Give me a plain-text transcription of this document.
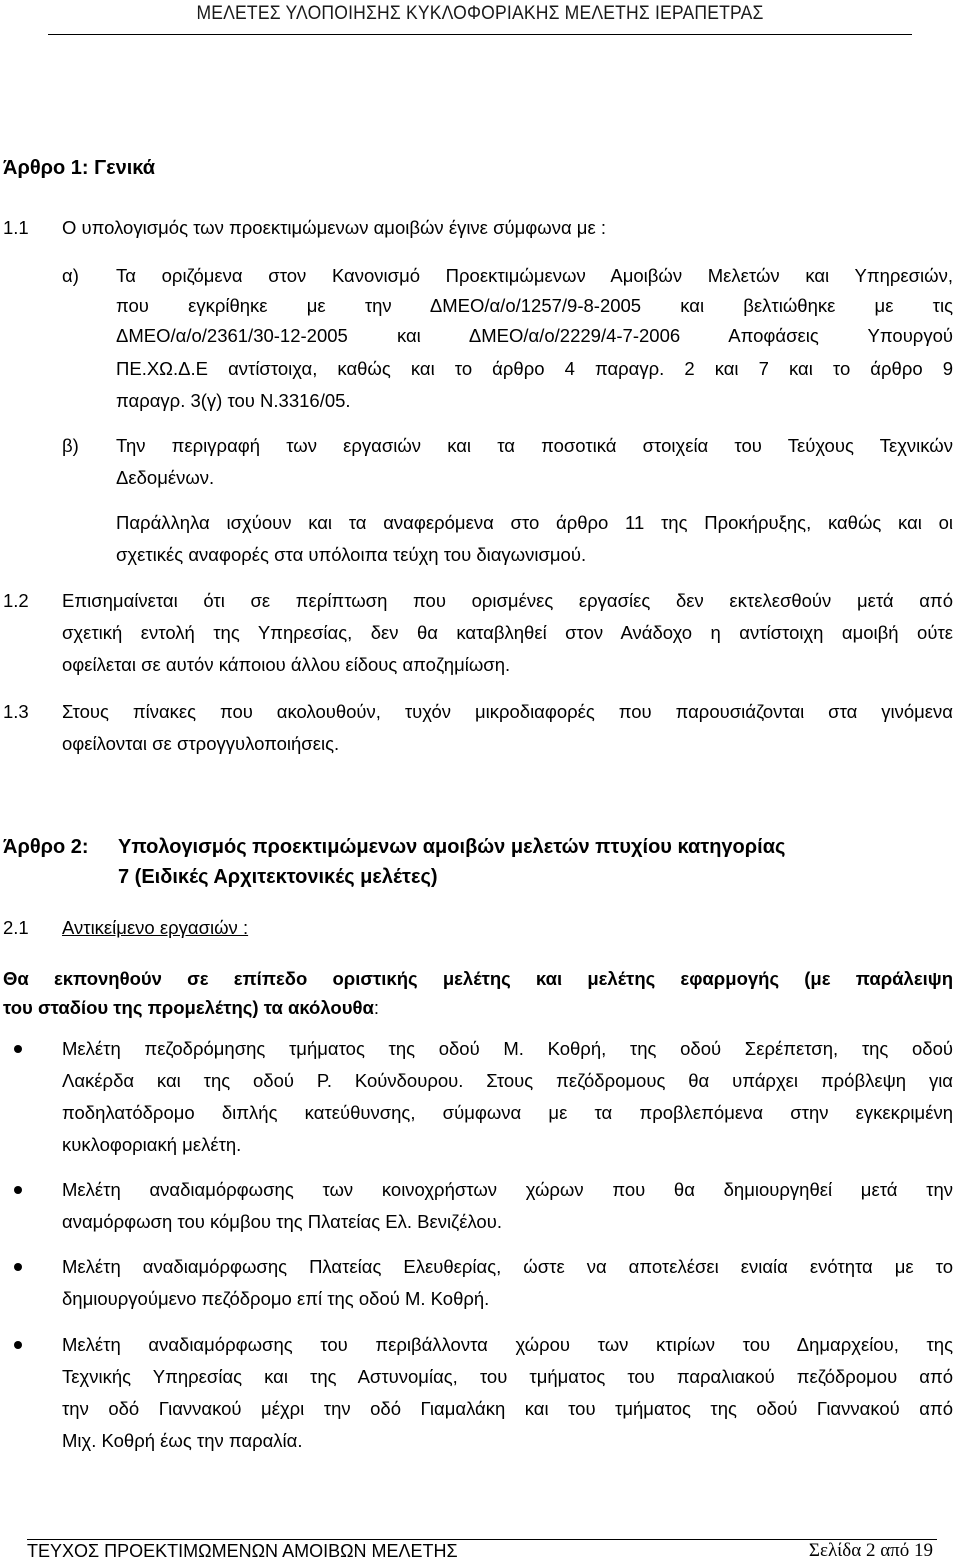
ΜΕΛΕΤΕΣ ΥΛΟΠΟΙΗΣΗΣ ΚΥΚΛΟΦΟΡΙΑΚΗΣ ΜΕΛΕΤΗΣ ΙΕΡΑΠΕΤΡΑΣ
Άρθρο 1: Γενικά
1.1 Ο υπολογισμός των προεκτιμώμενων αμοιβών έγινε σύμφωνα με :
α) Τα οριζόμενα στον Κανονισμό Προεκτιμώμενων Αμοιβών Μελετών και Υπηρεσιών,
που εγκρίθηκε με την ΔΜΕΟ/α/ο/1257/9-8-2005 και βελτιώθηκε με τις
ΔΜΕΟ/α/ο/2361/30-12-2005 και ΔΜΕΟ/α/ο/2229/4-7-2006 Αποφάσεις Υπουργού
ΠΕ.ΧΩ.Δ.Ε αντίστοιχα, καθώς και το άρθρο 4 παραγρ. 2 και 7 και το άρθρο 9
παραγρ. 3(γ) του Ν.3316/05.
β) Την περιγραφή των εργασιών και τα ποσοτικά στοιχεία του Τεύχους Τεχνικών
Δεδομένων.
Παράλληλα ισχύουν και τα αναφερόμενα στο άρθρο 11 της Προκήρυξης, καθώς και οι
σχετικές αναφορές στα υπόλοιπα τεύχη του διαγωνισμού.
1.2 Επισημαίνεται ότι σε περίπτωση που ορισμένες εργασίες δεν εκτελεσθούν μετά από
σχετική εντολή της Υπηρεσίας, δεν θα καταβληθεί στον Ανάδοχο η αντίστοιχη αμοιβή ούτε
οφείλεται σε αυτόν κάποιου άλλου είδους αποζημίωση.
1.3 Στους πίνακες που ακολουθούν, τυχόν μικροδιαφορές που παρουσιάζονται στα γινόμενα
οφείλονται σε στρογγυλοποιήσεις.
Άρθρο 2: Υπολογισμός προεκτιμώμενων αμοιβών μελετών πτυχίου κατηγορίας
7 (Ειδικές Αρχιτεκτονικές μελέτες)
2.1 Αντικείμενο εργασιών :
Θα εκπονηθούν σε επίπεδο οριστικής μελέτης και μελέτης εφαρμογής (με παράλειψη
του σταδίου της προμελέτης) τα ακόλουθα:
Μελέτη πεζοδρόμησης τμήματος της οδού Μ. Κοθρή, της οδού Σερέπετση, της οδού
Λακέρδα και της οδού Ρ. Κούνδουρου. Στους πεζόδρομους θα υπάρχει πρόβλεψη για
ποδηλατόδρομο διπλής κατεύθυνσης, σύμφωνα με τα προβλεπόμενα στην εγκεκριμένη
κυκλοφοριακή μελέτη.
Μελέτη αναδιαμόρφωσης των κοινοχρήστων χώρων που θα δημιουργηθεί μετά την
αναμόρφωση του κόμβου της Πλατείας Ελ. Βενιζέλου.
Μελέτη αναδιαμόρφωσης Πλατείας Ελευθερίας, ώστε να αποτελέσει ενιαία ενότητα με το
δημιουργούμενο πεζόδρομο επί της οδού Μ. Κοθρή.
Μελέτη αναδιαμόρφωσης του περιβάλλοντα χώρου των κτιρίων του Δημαρχείου, της
Τεχνικής Υπηρεσίας και της Αστυνομίας, του τμήματος του παραλιακού πεζόδρομου από
την οδό Γιαννακού μέχρι την οδό Γιαμαλάκη και του τμήματος της οδού Γιαννακού από
Μιχ. Κοθρή έως την παραλία.
ΤΕΥΧΟΣ ΠΡΟΕΚΤΙΜΩΜΕΝΩΝ ΑΜΟΙΒΩΝ ΜΕΛΕΤΗΣ	Σελίδα 2 από 19
